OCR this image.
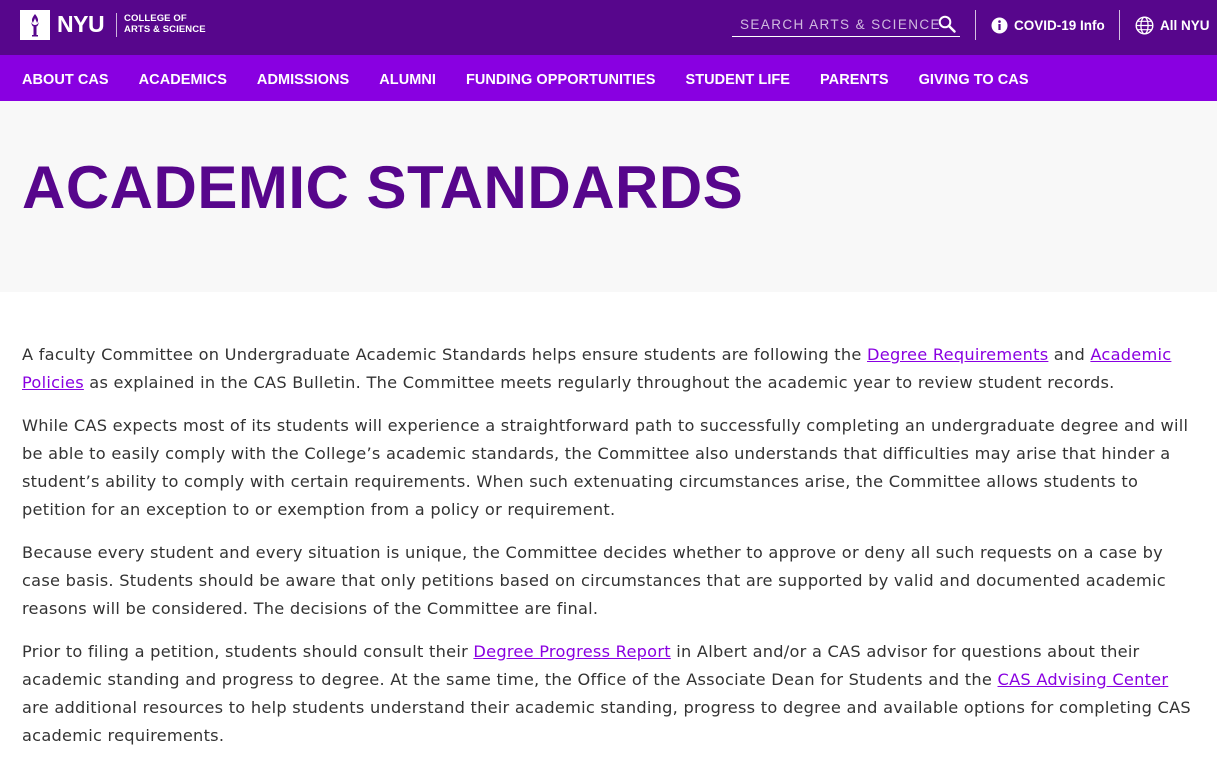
NYU COLLEGE OF
ARTS & SCIENCE
SEARCH ARTS & SCIENCE	COVID-19 Info	All NYU
ABOUT CAS ACADEMICS ADMISSIONS ALUMNI FUNDING OPPORTUNITIES STUDENT LIFE PARENTS GIVING TO CAS
ACADEMIC STANDARDS

A faculty Committee on Undergraduate Academic Standards helps ensure students are following the Degree Requirements and Academic Policies as explained in the CAS Bulletin. The Committee meets regularly throughout the academic year to review student records.

While CAS expects most of its students will experience a straightforward path to successfully completing an undergraduate degree and will be able to easily comply with the College’s academic standards, the Committee also understands that difficulties may arise that hinder a student’s ability to comply with certain requirements. When such extenuating circumstances arise, the Committee allows students to petition for an exception to or exemption from a policy or requirement.

Because every student and every situation is unique, the Committee decides whether to approve or deny all such requests on a case by case basis. Students should be aware that only petitions based on circumstances that are supported by valid and documented academic reasons will be considered. The decisions of the Committee are final.

Prior to filing a petition, students should consult their Degree Progress Report in Albert and/or a CAS advisor for questions about their academic standing and progress to degree. At the same time, the Office of the Associate Dean for Students and the CAS Advising Center are additional resources to help students understand their academic standing, progress to degree and available options for completing CAS academic requirements.
